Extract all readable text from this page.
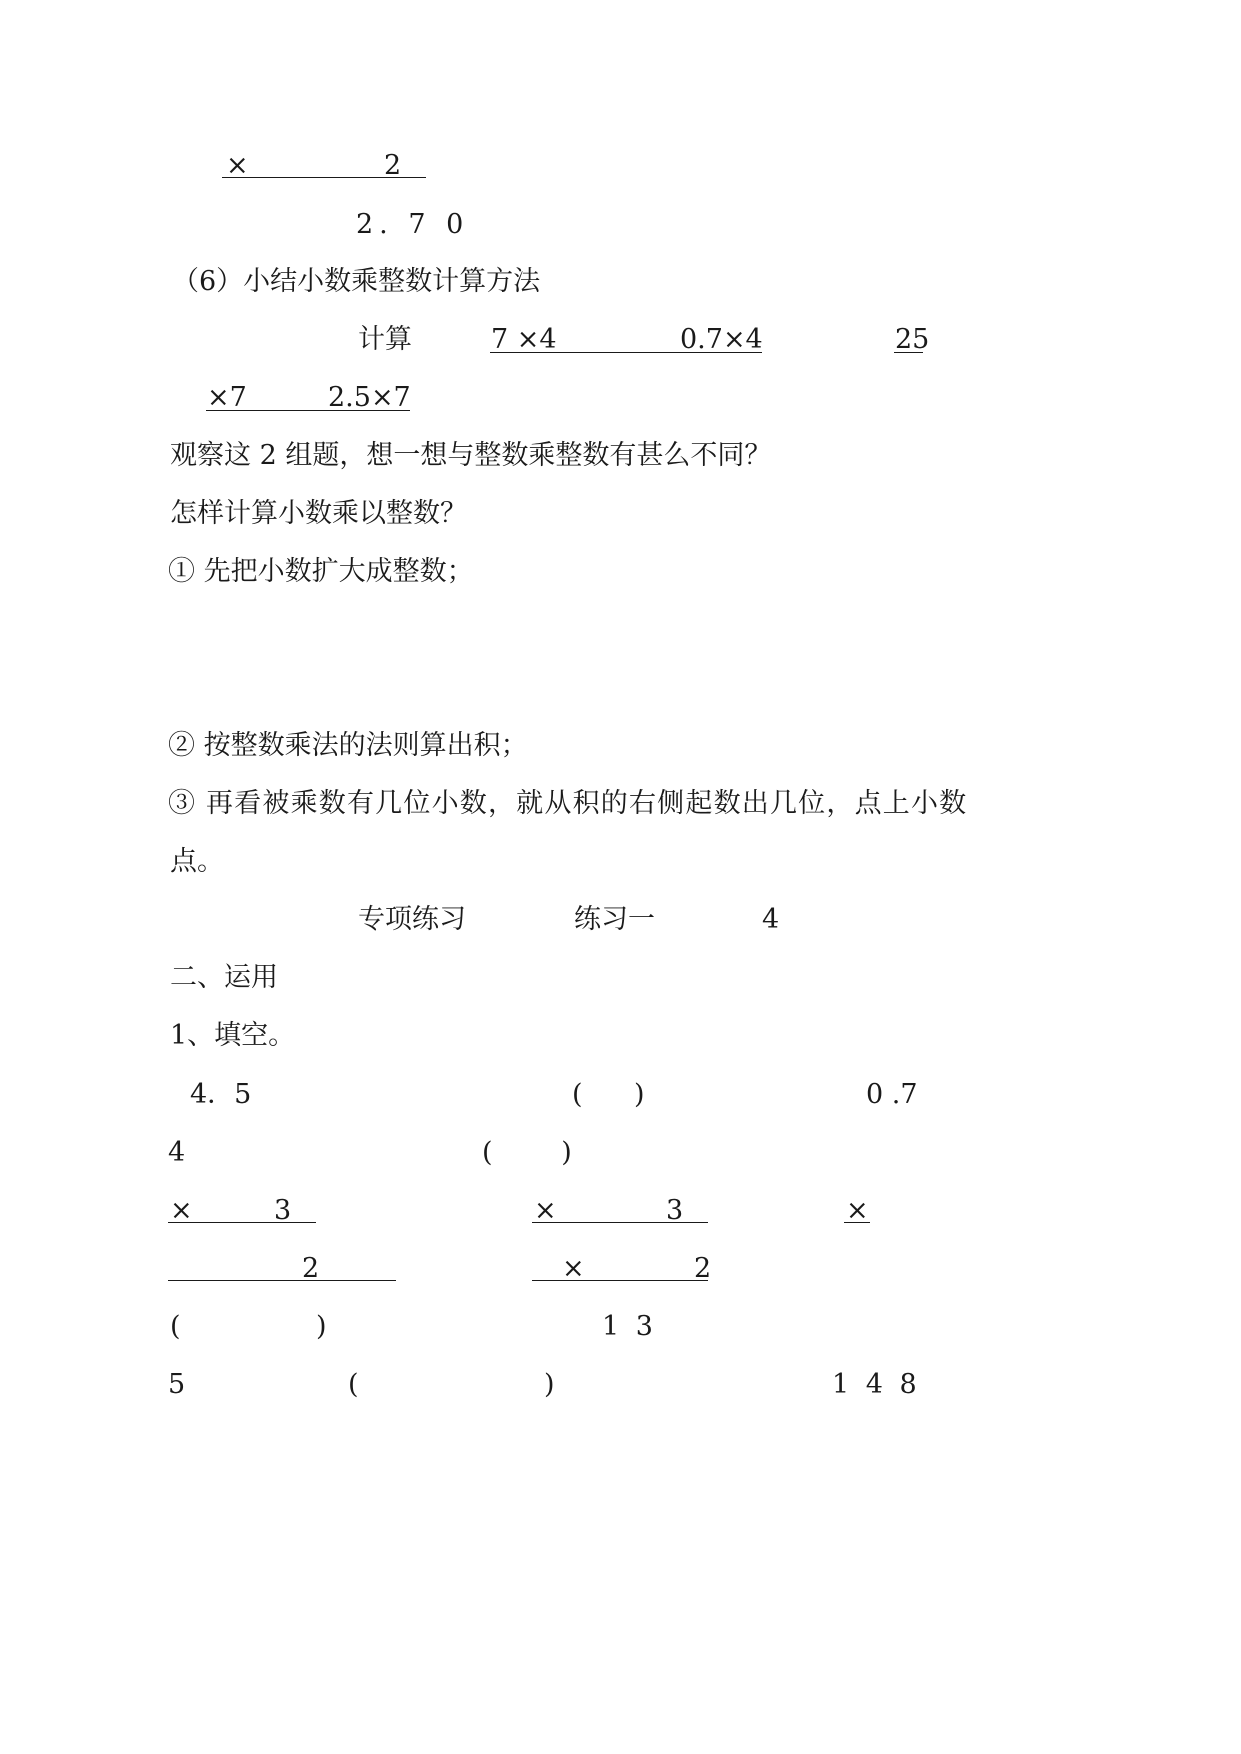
×	2
2. 7 0
（6）小结小数乘整数计算方法
计算	7 ×4	0.7×4	25
×7	2.5×7
观察这 2 组题，想一想与整数乘整数有甚么不同？
怎样计算小数乘以整数？
① 先把小数扩大成整数；
② 按整数乘法的法则算出积；
③ 再看被乘数有几位小数，就从积的右侧起数出几位，点上小数
点。
专项练习	练习一	4
二、运用
1、填空。
4．5	(      )	0 .7
4	(        )
×	3	×	3	×
2	×	2
(	)	1 3
5	(	)	1 4 8
